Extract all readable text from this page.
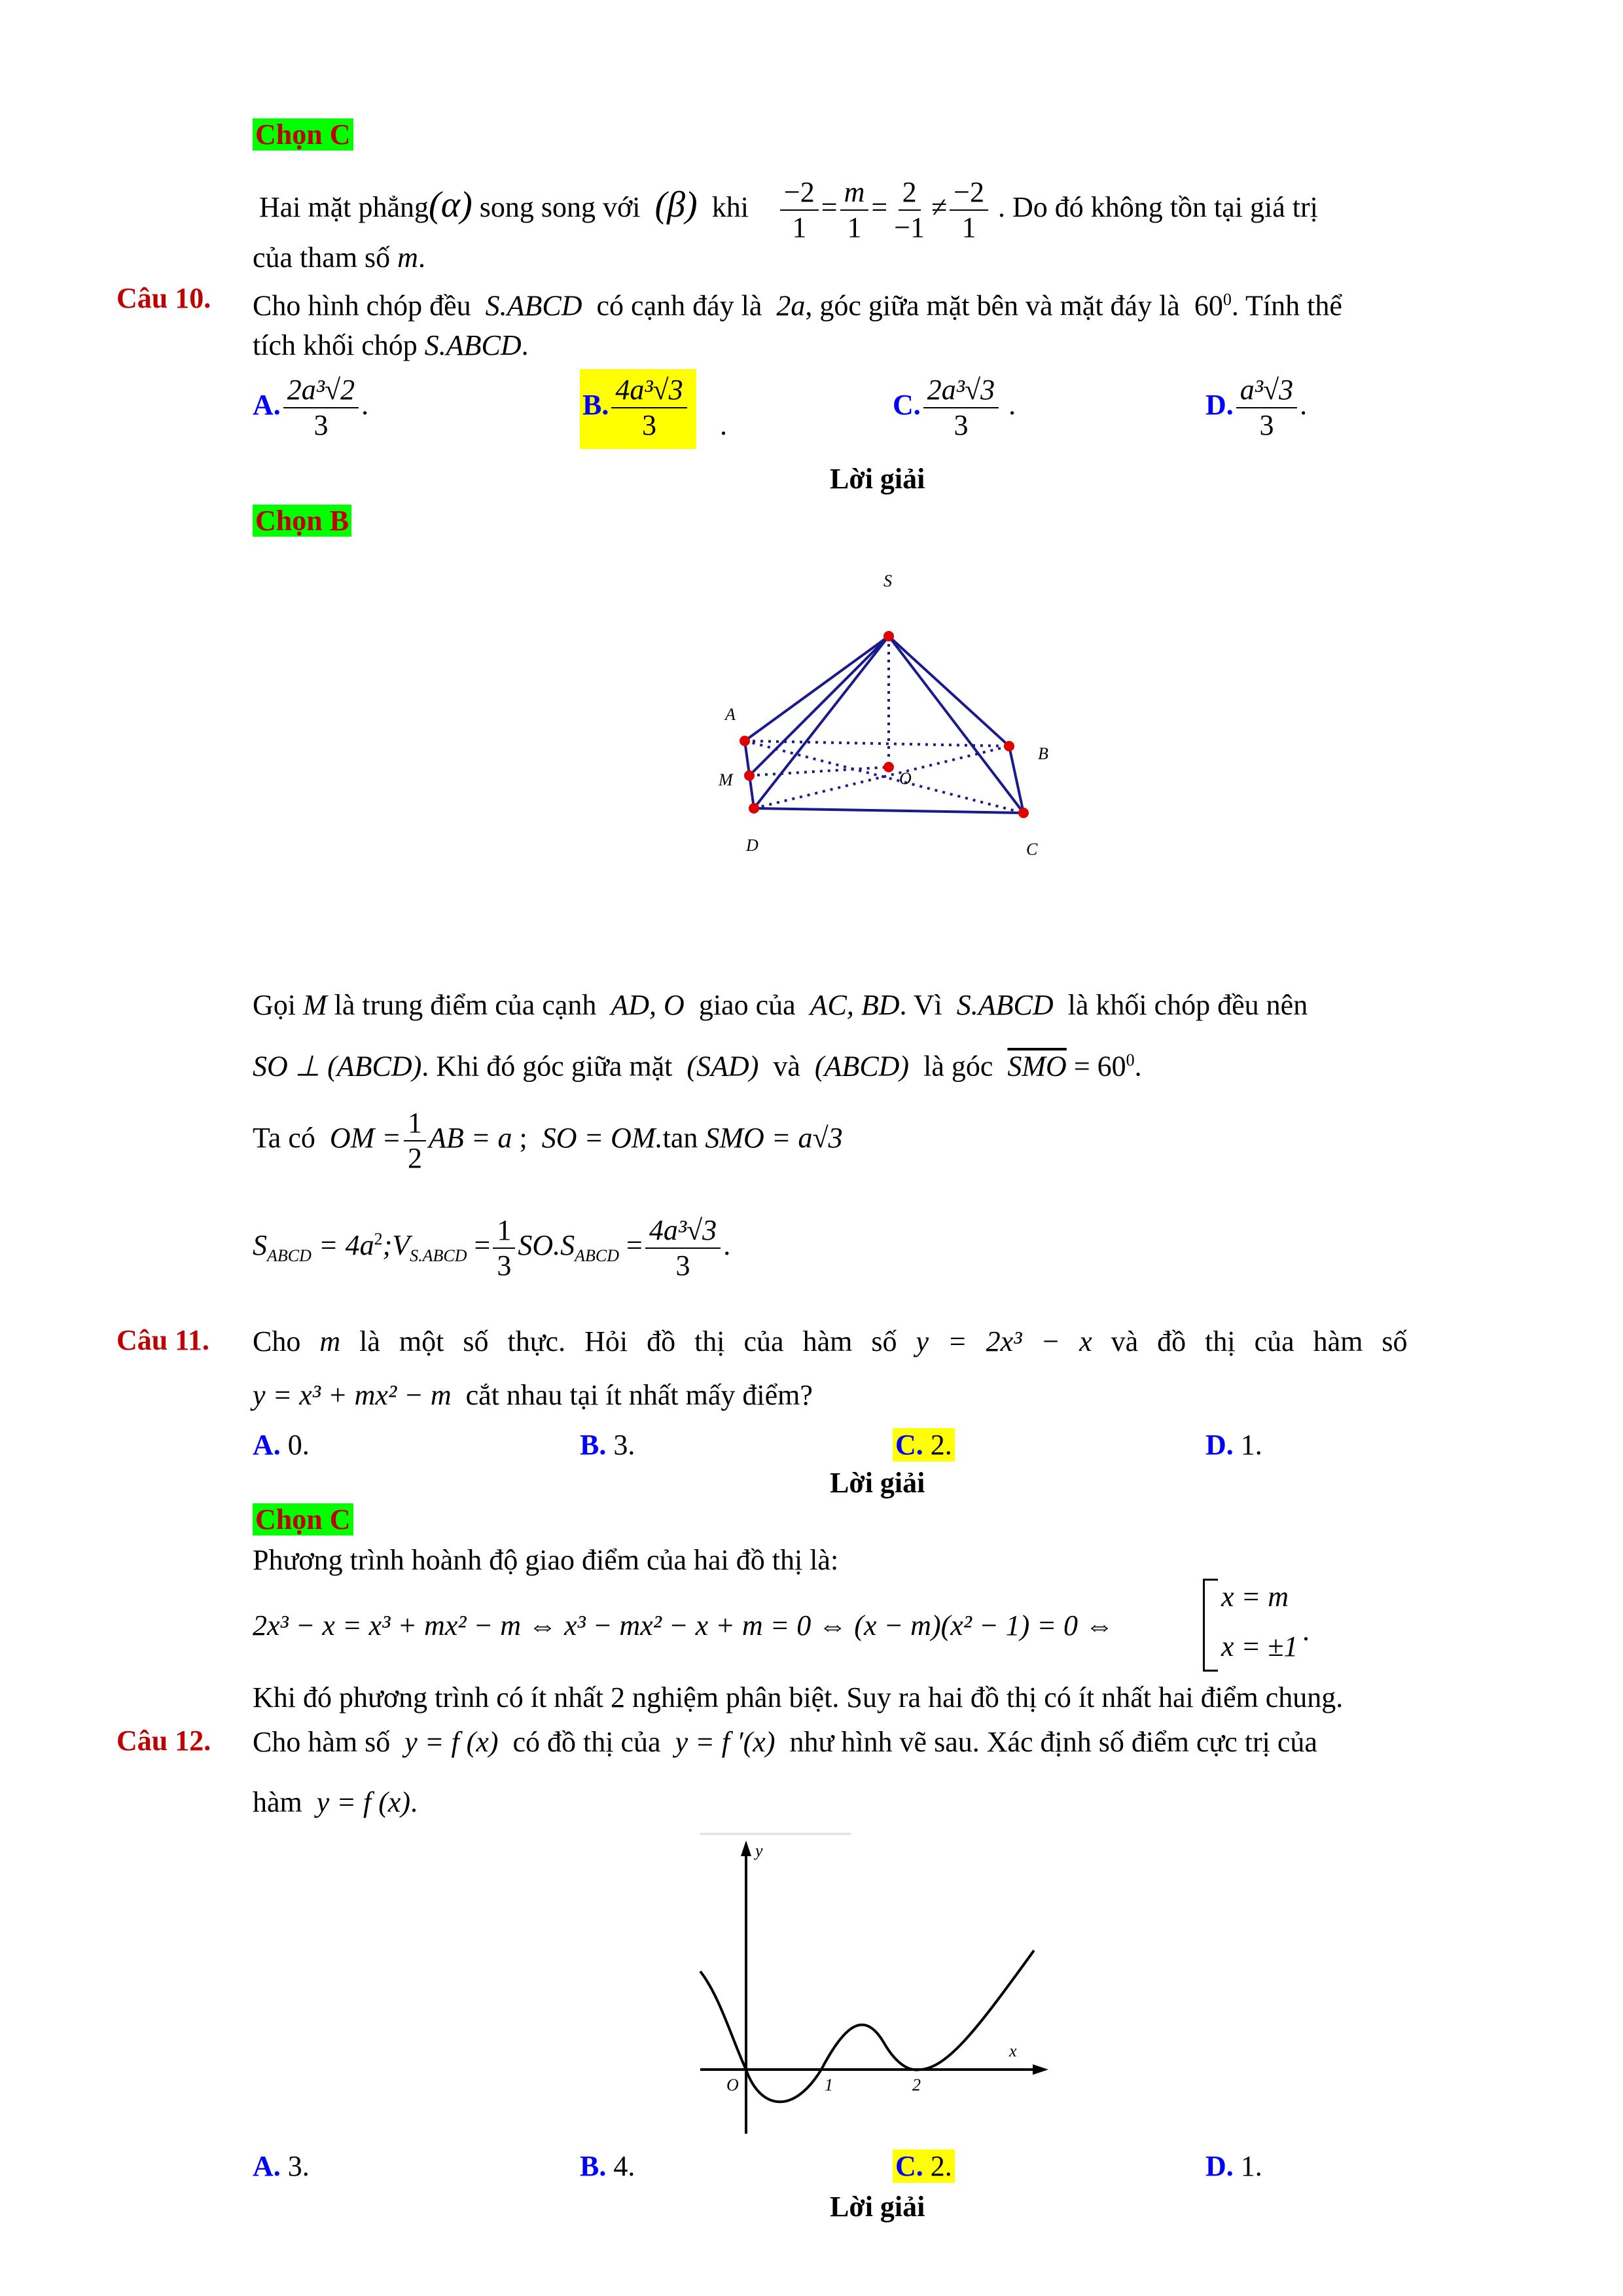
Chọn C
Hai mặt phẳng(α) song song với (β) khi $\frac{-2}{1} = \frac{m}{1} = \frac{2}{-1} \ne \frac{-2}{1}$ . Do đó không tồn tại giá trị
của tham số m.
Câu 10. Cho hình chóp đều S.ABCD có cạnh đáy là 2a, góc giữa mặt bên và mặt đáy là $60^0$. Tính thể
tích khối chóp S.ABCD.
A. $\frac{\text{2a³√2}}{3}$ .	B. $\frac{\text{4a³√3}}{3}$ .
C. $\frac{\text{2a³√3}}{3}$ .	D. $\frac{\text{a³√3}}{3}$ .
Lời giải
Chọn B
S
A
B
M	O
D	C
Gọi M là trung điểm của cạnh AD, O giao của AC, BD. Vì S.ABCD là khối chóp đều nên
SO ⊥ (ABCD). Khi đó góc giữa mặt (SAD) và (ABCD) là góc $\overline{SMO} = 60^0$.
Ta có OM = $\frac{1}{2}$ AB = a ; SO = OM.tan SMO = a√3
$S_{ABCD}$ = $4a^2;V_{S.ABCD} = \frac{1}{3} SO.S_{ABCD} = \frac{\text{4a³√3}}{3}$ .
Câu 11. Cho m là một số thực. Hỏi đồ thị của hàm số y = 2x³ − x và đồ thị của hàm số
y = x³ + mx² − m cắt nhau tại ít nhất mấy điểm?
A. 0.	B. 3.	C. 2.	D. 1.
Lời giải
Chọn C
Phương trình hoành độ giao điểm của hai đồ thị là:
2x³ − x = x³ + mx² − m ⇔ x³ − mx² − x + m = 0 ⇔ (x − m)(x² − 1) = 0 ⇔
x = m
x = ±1 .
Khi đó phương trình có ít nhất 2 nghiệm phân biệt. Suy ra hai đồ thị có ít nhất hai điểm chung.
Câu 12. Cho hàm số y = f (x) có đồ thị của y = f ′(x) như hình vẽ sau. Xác định số điểm cực trị của
hàm y = f (x).
y
x
O	1	2
A. 3.	B. 4.	C. 2.	D. 1.
Lời giải
